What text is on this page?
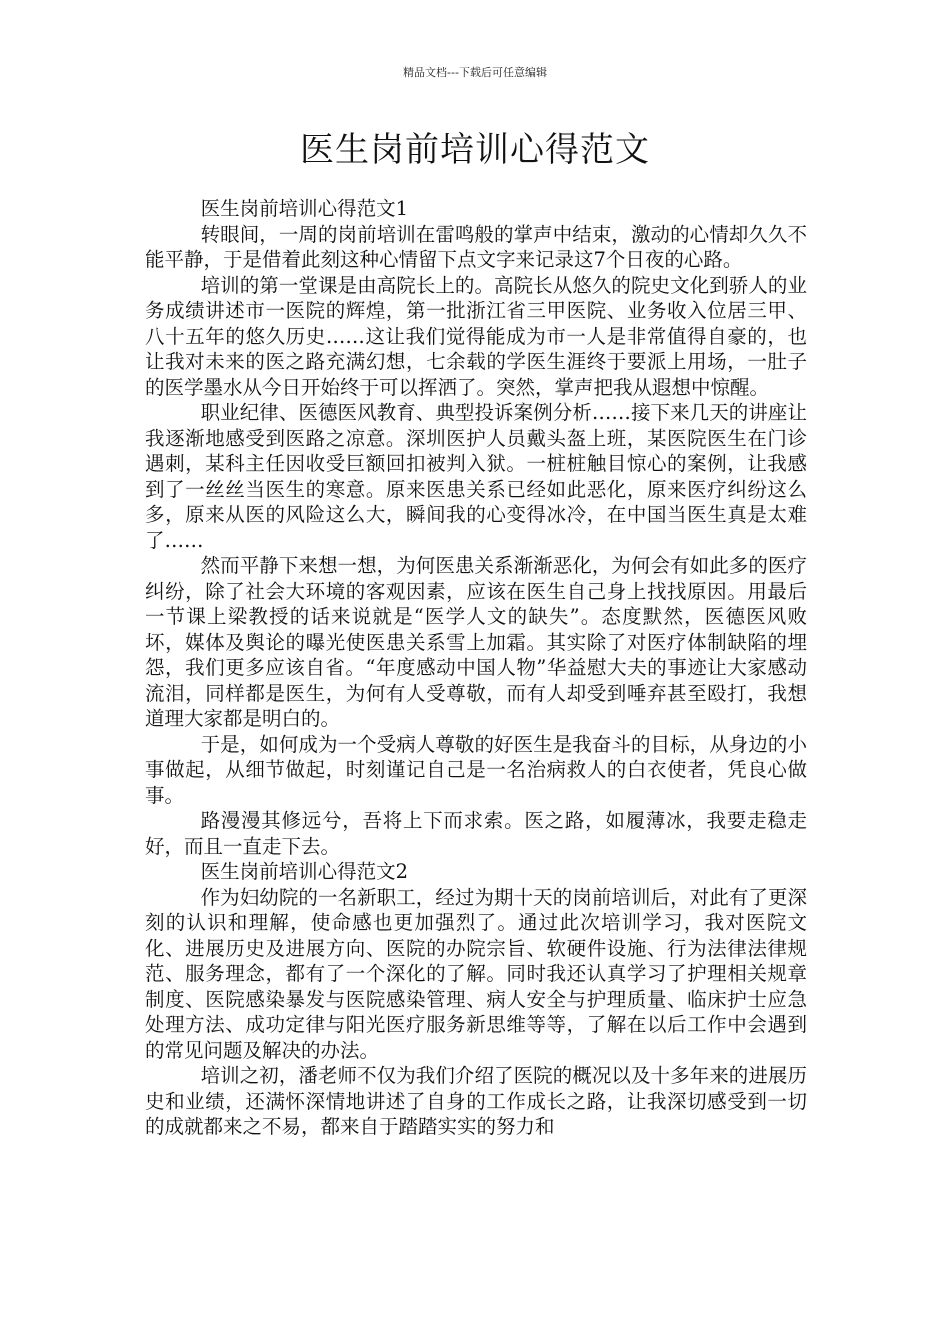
精品文档---下载后可任意编辑
医生岗前培训心得范文

医生岗前培训心得范文1

转眼间，一周的岗前培训在雷鸣般的掌声中结束，激动的心情却久久不能平静，于是借着此刻这种心情留下点文字来记录这7个日夜的心路。

培训的第一堂课是由高院长上的。高院长从悠久的院史文化到骄人的业务成绩讲述市一医院的辉煌，第一批浙江省三甲医院、业务收入位居三甲、八十五年的悠久历史……这让我们觉得能成为市一人是非常值得自豪的，也让我对未来的医之路充满幻想，七余载的学医生涯终于要派上用场，一肚子的医学墨水从今日开始终于可以挥洒了。突然，掌声把我从遐想中惊醒。

职业纪律、医德医风教育、典型投诉案例分析……接下来几天的讲座让我逐渐地感受到医路之凉意。深圳医护人员戴头盔上班，某医院医生在门诊遇刺，某科主任因收受巨额回扣被判入狱。一桩桩触目惊心的案例，让我感到了一丝丝当医生的寒意。原来医患关系已经如此恶化，原来医疗纠纷这么多，原来从医的风险这么大，瞬间我的心变得冰冷，在中国当医生真是太难了……

然而平静下来想一想，为何医患关系渐渐恶化，为何会有如此多的医疗纠纷，除了社会大环境的客观因素，应该在医生自己身上找找原因。用最后一节课上梁教授的话来说就是“医学人文的缺失”。态度默然，医德医风败坏，媒体及舆论的曝光使医患关系雪上加霜。其实除了对医疗体制缺陷的埋怨，我们更多应该自省。“年度感动中国人物”华益慰大夫的事迹让大家感动流泪，同样都是医生，为何有人受尊敬，而有人却受到唾弃甚至殴打，我想道理大家都是明白的。

于是，如何成为一个受病人尊敬的好医生是我奋斗的目标，从身边的小事做起，从细节做起，时刻谨记自己是一名治病救人的白衣使者，凭良心做事。

路漫漫其修远兮，吾将上下而求索。医之路，如履薄冰，我要走稳走好，而且一直走下去。

医生岗前培训心得范文2

作为妇幼院的一名新职工，经过为期十天的岗前培训后，对此有了更深刻的认识和理解，使命感也更加强烈了。通过此次培训学习，我对医院文化、进展历史及进展方向、医院的办院宗旨、软硬件设施、行为法律法律规范、服务理念，都有了一个深化的了解。同时我还认真学习了护理相关规章制度、医院感染暴发与医院感染管理、病人安全与护理质量、临床护士应急处理方法、成功定律与阳光医疗服务新思维等等，了解在以后工作中会遇到的常见问题及解决的办法。

培训之初，潘老师不仅为我们介绍了医院的概况以及十多年来的进展历史和业绩，还满怀深情地讲述了自身的工作成长之路，让我深切感受到一切的成就都来之不易，都来自于踏踏实实的努力和
